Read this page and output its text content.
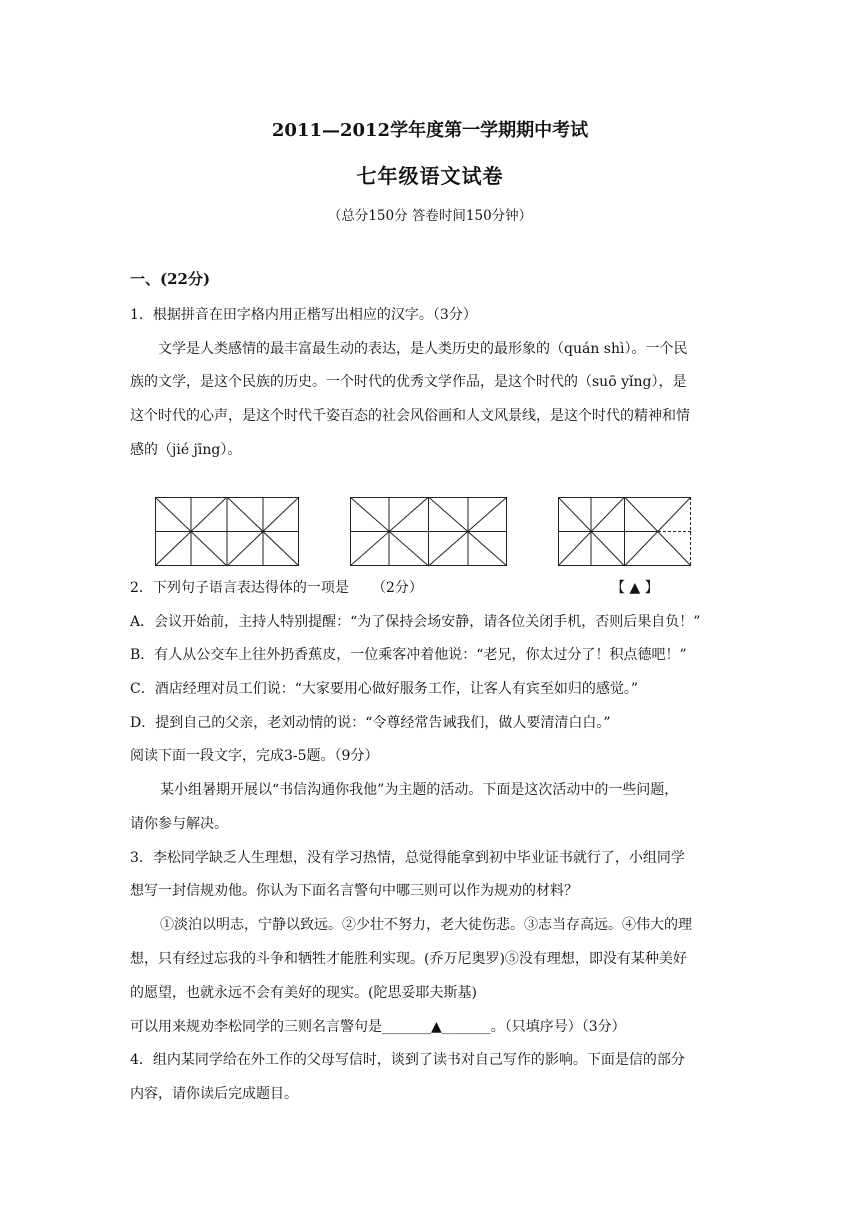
2011—2012学年度第一学期期中考试
七年级语文试卷
（总分150分 答卷时间150分钟）
一、(22分)
1．根据拼音在田字格内用正楷写出相应的汉字。（3分）
文学是人类感情的最丰富最生动的表达，是人类历史的最形象的（quán shì）。一个民
族的文学，是这个民族的历史。一个时代的优秀文学作品，是这个时代的（suō yǐng），是
这个时代的心声，是这个时代千姿百态的社会风俗画和人文风景线，是这个时代的精神和情
感的（jié jīng）。
2．下列句子语言表达得体的一项是 （2分）	【 ▲ 】
A．会议开始前，主持人特别提醒：“为了保持会场安静，请各位关闭手机，否则后果自负！”
B．有人从公交车上往外扔香蕉皮，一位乘客冲着他说：“老兄，你太过分了！积点德吧！”
C．酒店经理对员工们说：“大家要用心做好服务工作，让客人有宾至如归的感觉。”
D．提到自己的父亲，老刘动情的说：“令尊经常告诫我们，做人要清清白白。”
阅读下面一段文字，完成3-5题。（9分）
某小组暑期开展以“书信沟通你我他”为主题的活动。下面是这次活动中的一些问题，
请你参与解决。
3．李松同学缺乏人生理想，没有学习热情，总觉得能拿到初中毕业证书就行了，小组同学
想写一封信规劝他。你认为下面名言警句中哪三则可以作为规劝的材料？
①淡泊以明志，宁静以致远。②少壮不努力，老大徒伤悲。③志当存高远。④伟大的理
想，只有经过忘我的斗争和牺牲才能胜利实现。(乔万尼奥罗)⑤没有理想，即没有某种美好
的愿望，也就永远不会有美好的现实。(陀思妥耶夫斯基)
可以用来规劝李松同学的三则名言警句是_______▲_______。（只填序号）（3分）
4．组内某同学给在外工作的父母写信时，谈到了读书对自己写作的影响。下面是信的部分
内容，请你读后完成题目。
